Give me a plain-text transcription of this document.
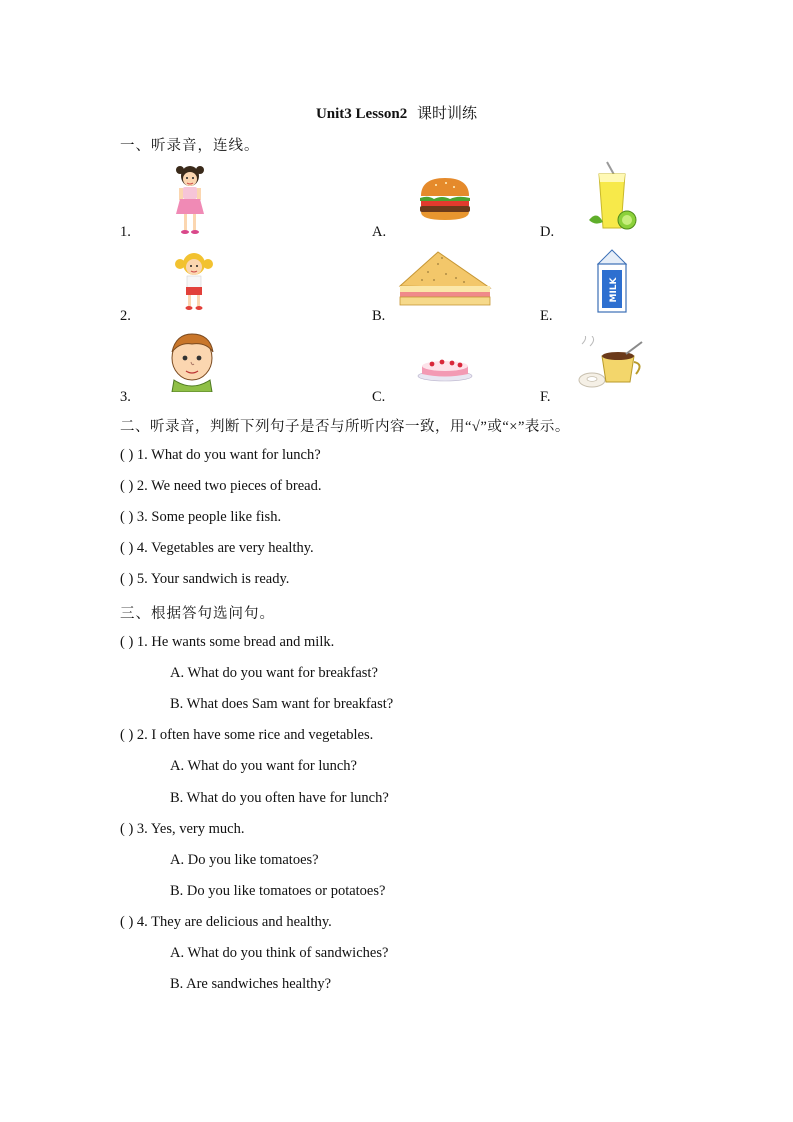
Unit3 Lesson2 课时训练
一、听录音，连线。
1.
2.
3.
A.
B.
C.
D.
E.
F.
MILK
二、听录音，判断下列句子是否与所听内容一致，用“√”或“×”表示。
( ) 1. What do you want for lunch?
( ) 2. We need two pieces of bread.
( ) 3. Some people like fish.
( ) 4. Vegetables are very healthy.
( ) 5. Your sandwich is ready.
三、根据答句选问句。
( ) 1. He wants some bread and milk.
A. What do you want for breakfast?
B. What does Sam want for breakfast?
( ) 2. I often have some rice and vegetables.
A. What do you want for lunch?
B. What do you often have for lunch?
( ) 3. Yes, very much.
A. Do you like tomatoes?
B. Do you like tomatoes or potatoes?
( ) 4. They are delicious and healthy.
A. What do you think of sandwiches?
B. Are sandwiches healthy?
